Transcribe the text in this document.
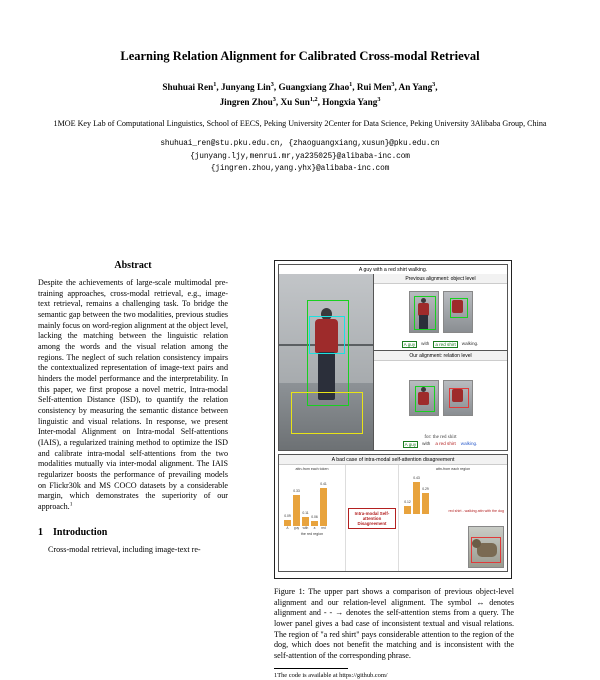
Learning Relation Alignment for Calibrated Cross-modal Retrieval
Shuhuai Ren$^1$, Junyang Lin$^3$, Guangxiang Zhao$^1$, Rui Men$^3$, An Yang$^3$,
Jingren Zhou$^3$, Xu Sun$^{1,2}$, Hongxia Yang$^3$
1MOE Key Lab of Computational Linguistics, School of EECS, Peking University 2Center for Data Science, Peking University 3Alibaba Group, China
shuhuai_ren@stu.pku.edu.cn, {zhaoguangxiang,xusun}@pku.edu.cn
{junyang.ljy,menrui.mr,ya235025}@alibaba-inc.com
{jingren.zhou,yang.yhx}@alibaba-inc.com
Abstract
Despite the achievements of large-scale multimodal pre-training approaches, cross-modal retrieval, e.g., image-text retrieval, remains a challenging task. To bridge the semantic gap between the two modalities, previous studies mainly focus on word-region alignment at the object level, lacking the matching between the linguistic relation among the words and the visual relation among the regions. The neglect of such relation consistency impairs the contextualized representation of image-text pairs and hinders the model performance and the interpretability. In this paper, we first propose a novel metric, Intra-modal Self-attention Distance (ISD), to quantify the relation consistency by measuring the semantic distance between linguistic and visual relations. In response, we present Inter-modal Alignment on Intra-modal Self-attentions (IAIS), a regularized training method to optimize the ISD and calibrate intra-modal self-attentions from the two modalities mutually via inter-modal alignment. The IAIS regularizer boosts the performance of prevailing models on Flickr30k and MS COCO datasets by a considerable margin, which demonstrates the superiority of our approach.$^1$
1 Introduction
Cross-modal retrieval, including image-text re-
A guy with a red shirt walking.
Previous alignment: object level
A guy	with	a red shirt	walking.
Our alignment: relation level
for: the red shirt
A guy	with a red shirt walking.
A bad case of intra-modal self-attention disagreement
attn-from each token
0.09
0.33
0.11
0.06
0.41
A	guy with	a	red
the red region
Intra-modal Self-attention Disagreement
attn-from each region
0.12
0.43
0.29
red shirt - walking attn with the dog
Figure 1: The upper part shows a comparison of previous object-level alignment and our relation-level alignment. The symbol ↔ denotes alignment and - - → denotes the self-attention stems from a query. The lower panel gives a bad case of inconsistent textual and visual relations. The region of "a red shirt" pays considerable attention to the region of the dog, which does not benefit the matching and is inconsistent with the self-attention of the corresponding phrase.
1The code is available at https://github.com/
